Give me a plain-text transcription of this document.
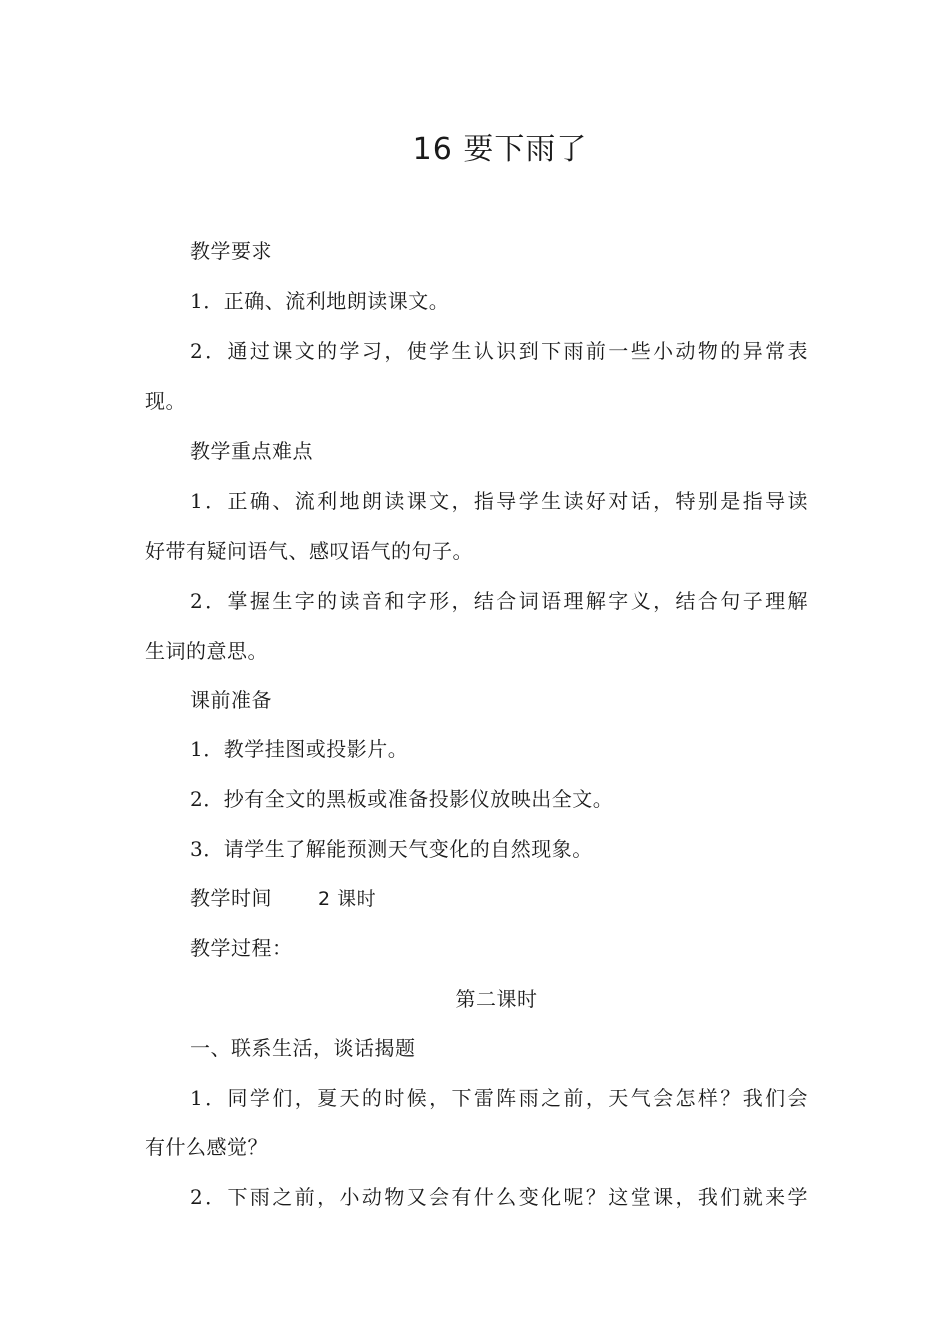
16 要下雨了
教学要求
1．正确、流利地朗读课文。
2．通过课文的学习，使学生认识到下雨前一些小动物的异常表
现。
教学重点难点
1．正确、流利地朗读课文，指导学生读好对话，特别是指导读
好带有疑问语气、感叹语气的句子。
2．掌握生字的读音和字形，结合词语理解字义，结合句子理解
生词的意思。
课前准备
1．教学挂图或投影片。
2．抄有全文的黑板或准备投影仪放映出全文。
3．请学生了解能预测天气变化的自然现象。
教学时间 2 课时
教学过程：
第二课时
一、联系生活，谈话揭题
1．同学们，夏天的时候，下雷阵雨之前，天气会怎样？我们会
有什么感觉？
2．下雨之前，小动物又会有什么变化呢？这堂课，我们就来学
